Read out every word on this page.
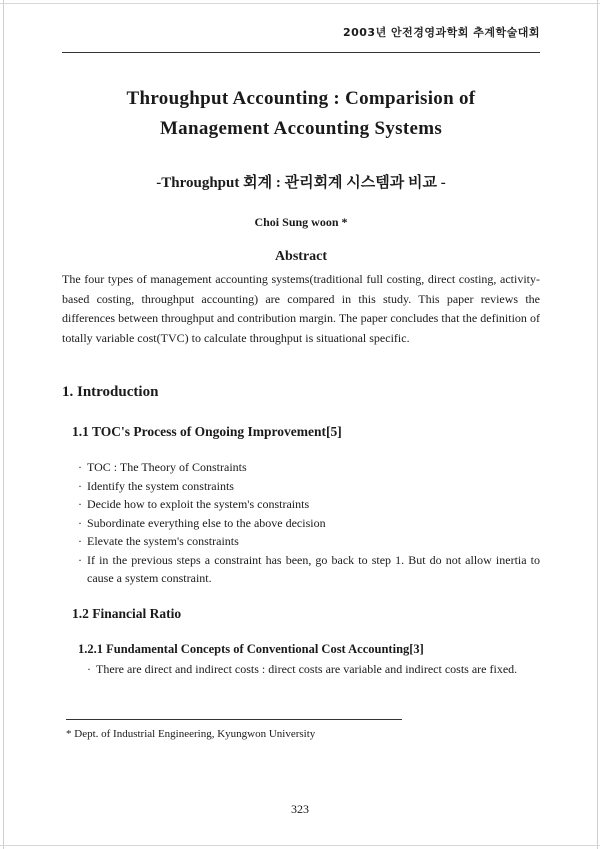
2003년 안전경영과학회 추계학술대회
Throughput Accounting : Comparision of
Management Accounting Systems
-Throughput 회계 : 관리회계 시스템과 비교 -
Choi Sung woon *
Abstract
The four types of management accounting systems(traditional full costing, direct costing, activity-based costing, throughput accounting) are compared in this study. This paper reviews the differences between throughput and contribution margin. The paper concludes that the definition of totally variable cost(TVC) to calculate throughput is situational specific.
1. Introduction
1.1 TOC's Process of Ongoing Improvement[5]
· TOC : The Theory of Constraints
· Identify the system constraints
· Decide how to exploit the system's constraints
· Subordinate everything else to the above decision
· Elevate the system's constraints
· If in the previous steps a constraint has been, go back to step 1. But do not allow inertia to cause a system constraint.
1.2 Financial Ratio
1.2.1 Fundamental Concepts of Conventional Cost Accounting[3]
· There are direct and indirect costs : direct costs are variable and indirect costs are fixed.
* Dept. of Industrial Engineering, Kyungwon University
323
